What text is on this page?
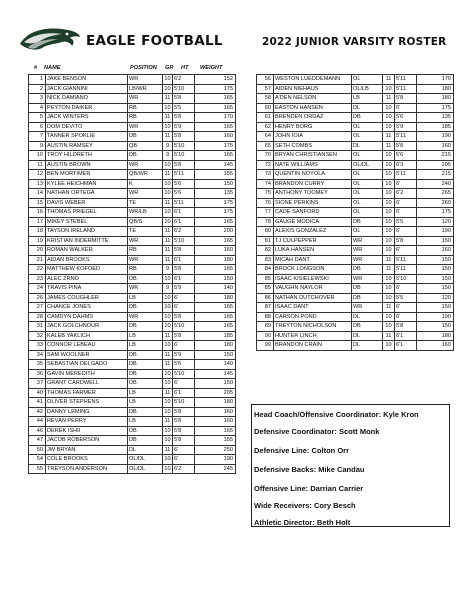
EAGLE FOOTBALL	2022 JUNIOR VARSITY ROSTER
# NAME	POSITION GR HT WEIGHT
1	JAKE BENSON	WR	10	6'2	152
2	JACK GIANNINI	LB/WR	10	5'10	175
3	NICK DAMIANO	WR	11	5'8	165
4	PEYTON DAIKER	RB	10	5'5	165
5	JACK WINTERS	RB	11	5'8	170
6	DOM DEVITO	WR	10	5'9	165
7	TANNER SPOKLIE	DB	11	5'8	160
9	AUSTIN RAMSEY	QB	9	5'10	175
10	TROY HILDRETH	DB	9	5'10	165
11	AUSTIN BROWN	WR	10	5'8	145
12	BEN MORTIMER	QB/WR	11	5'11	155
13	KYLEE HEICHMAN	K	10	5'6	150
14	NATHAN ORTEGA	WR	10	5'6	135
15	DAVIS WEBER	TE	11	5'11	175
16	THOMAS PRIEGEL	WR/LB	10	6'1	175
17	MIKEY STEBEL	QB/S	10	6'1	165
18	TAYSON IRELAND	TE	11	6'2	200
19	KRISTIAN INDERMITTE	WR	11	5'10	165
20	ROMAN WALKER	RB	11	5'8	160
21	AIDAN BROOKS	WR	11	6'1	180
22	MATTHEW KOFOED	RB	9	5'8	165
23	ALEC ZRNO	DB	10	6'1	150
24	TRAVIS PINA	WR	9	5'9	140
26	JAMES COUGHLER	LB	10	6'	180
27	CHANCE JONES	DB	10	6'	165
28	CAMDYN DAHMS	WR	10	5'8	165
31	JACK GOLCHNOUR	DB	10	5'10	165
32	KALEB YAKLICH	LB	11	5'8	185
33	CONNOR LEBEAU	LB	10	6'	180
34	SAM WOOLNER	DB	11	5'9	150
35	SEBASTIAN DELGADO	DB	11	5'6	140
36	GAVIN MEREDITH	DB	10	5'10	145
37	GRANT CARDWELL	DB	10	6'	150
40	THOMAS FARMER	LB	11	6'1	205
41	OLIVER STEPHENS	LB	10	5'10	180
42	DANNY LEMING	DB	10	5'8	160
44	REVAN PERRY	LB	11	5'8	160
46	DEREK ISHII	DB	10	5'8	165
47	JACOB ROBERSON	DB	10	5'8	155
50	JW BRYAN	DL	11	6'	250
54	COLE BROOKS	OL/DL	10	6'	190
55	TREYSON ANDERSON	OL/DL	10	6'2	245
56	WESTON LUEDDEMANN	OL	11	5'11	170
57	AIDEN NIEHAUS	OL/LB	10	5'11	180
58	A'DEN NELSON	LB	11	5'8	180
60	EASTON HANSEN	DL	10	6'	175
61	BRENDEN ORDAZ	DB	10	5'6	135
62	HENRY BORG	OL	10	5'9	185
64	JOHN IOIA	OL	11	5'11	190
65	SETH COMBS	DL	11	5'8	160
70	BRYAN CHRISTIANSEN	OL	10	5'6	215
72	NATE WILLIAMS	OL/DL	10	6'3	205
73	QUENTIN NOYOLA	OL	10	5'11	215
74	BRANDON CURRY	OL	10	6'	240
75	ANTHONY TOOMEY	OL	10	6'2	265
76	SIONE PERKINS	OL	10	6'	260
77	CADE SANFORD	OL	10	6'	175
78	GAUGE MODICA	DB	10	5'5	120
80	ALEXIS GONZALEZ	OL	10	6'	190
81	TJ CULPEPPER	WR	10	5'8	150
82	LUKA HANSEN	WR	10	6'	160
83	MICAH DANT	WR	11	5'11	150
84	BROCK LONGSON	DB	11	5'11	150
85	ISAAC KISIELEWSKI	WR	10	5'10	150
85	VAUGHN NAYLOR	DB	10	6'	150
86	NATHAN DUTCHOVER	DB	10	5'5	120
87	ISAAC DANT	WR	11	6'	150
88	CARSON POND	DL	10	6'	190
89	TREYTON NICHOLSON	DB	10	5'8	150
90	HUNTER LINCH	DL	11	6'1	180
99	BRANDON CRAIN	DL	10	6'1	160
Head Coach/Offensive Coordinator: Kyle Kron
Defensive Coordinator: Scott Monk
Defensive Line: Colton Orr
Defensive Backs: Mike Candau
Offensive Line: Darrian Carrier
Wide Receivers: Cory Besch
Athletic Director: Beth Holt
